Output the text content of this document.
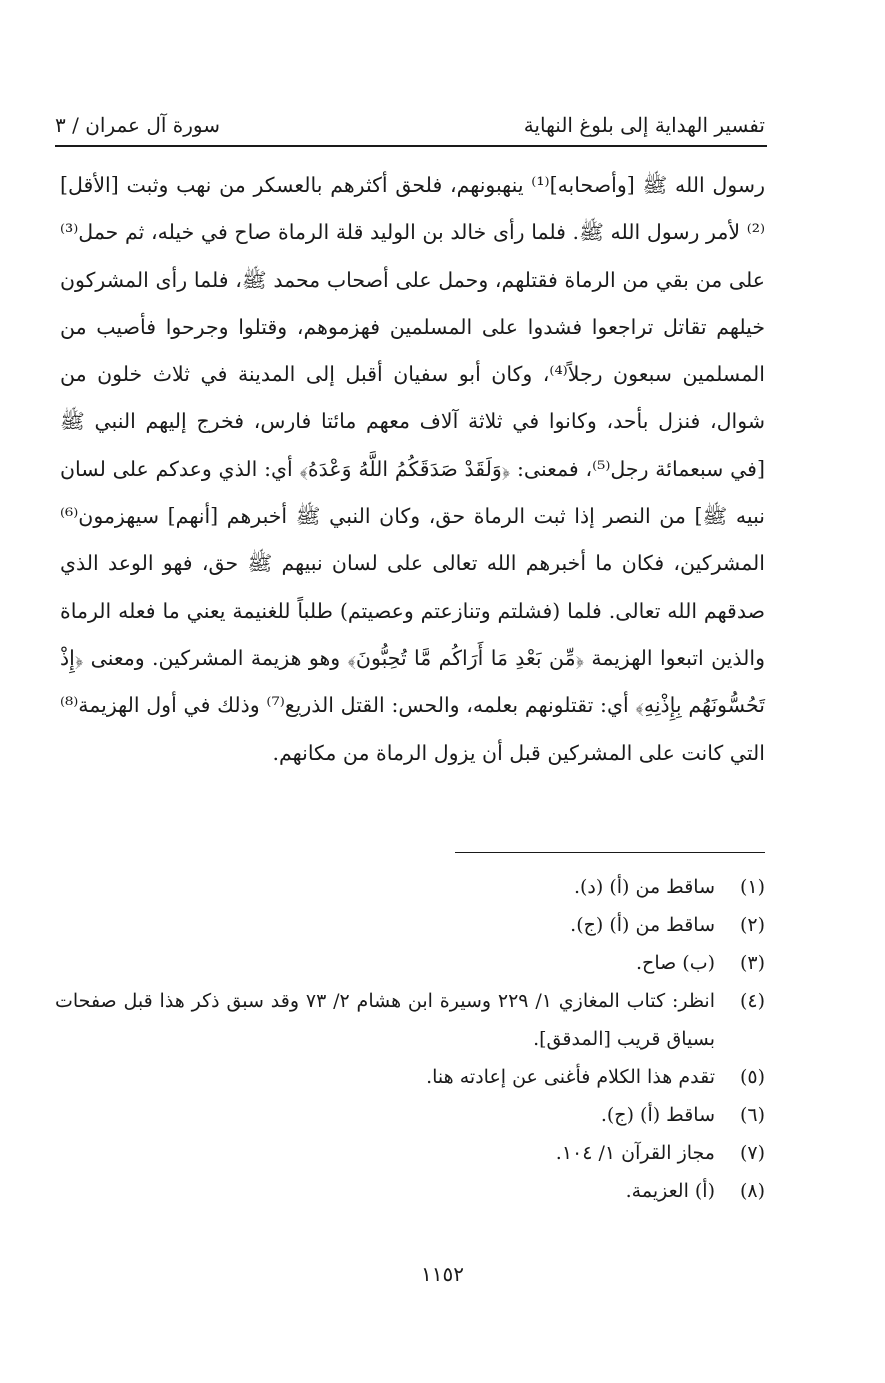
تفسير الهداية إلى بلوغ النهاية
سورة آل عمران / ٣

رسول الله ﷺ [وأصحابه]⁽¹⁾ ينهبونهم، فلحق أكثرهم بالعسكر من نهب وثبت [الأقل]⁽²⁾ لأمر رسول الله ﷺ. فلما رأى خالد بن الوليد قلة الرماة صاح في خيله، ثم حمل⁽³⁾ على من بقي من الرماة فقتلهم، وحمل على أصحاب محمد ﷺ، فلما رأى المشركون خيلهم تقاتل تراجعوا فشدوا على المسلمين فهزموهم، وقتلوا وجرحوا فأصيب من المسلمين سبعون رجلاً⁽⁴⁾، وكان أبو سفيان أقبل إلى المدينة في ثلاث خلون من شوال، فنزل بأحد، وكانوا في ثلاثة آلاف معهم مائتا فارس، فخرج إليهم النبي ﷺ [في سبعمائة رجل⁽⁵⁾، فمعنى: ﴿وَلَقَدْ صَدَقَكُمُ اللَّهُ وَعْدَهُ﴾ أي: الذي وعدكم على لسان نبيه ﷺ] من النصر إذا ثبت الرماة حق، وكان النبي ﷺ أخبرهم [أنهم] سيهزمون⁽⁶⁾ المشركين، فكان ما أخبرهم الله تعالى على لسان نبيهم ﷺ حق، فهو الوعد الذي صدقهم الله تعالى. فلما (فشلتم وتنازعتم وعصيتم) طلباً للغنيمة يعني ما فعله الرماة والذين اتبعوا الهزيمة ﴿مِّن بَعْدِ مَا أَرَاكُم مَّا تُحِبُّونَ﴾ وهو هزيمة المشركين. ومعنى ﴿إِذْ تَحُسُّونَهُم بِإِذْنِهِ﴾ أي: تقتلونهم بعلمه، والحس: القتل الذريع⁽⁷⁾ وذلك في أول الهزيمة⁽⁸⁾ التي كانت على المشركين قبل أن يزول الرماة من مكانهم.

(١)
ساقط من (أ) (د).
(٢)
ساقط من (أ) (ج).
(٣)
(ب) صاح.
(٤)
انظر: كتاب المغازي ١/ ٢٢٩ وسيرة ابن هشام ٢/ ٧٣ وقد سبق ذكر هذا قبل صفحات بسياق قريب [المدقق].
(٥)
تقدم هذا الكلام فأغنى عن إعادته هنا.
(٦)
ساقط (أ) (ج).
(٧)
مجاز القرآن ١/ ١٠٤.
(٨)
(أ) العزيمة.
١١٥٢
